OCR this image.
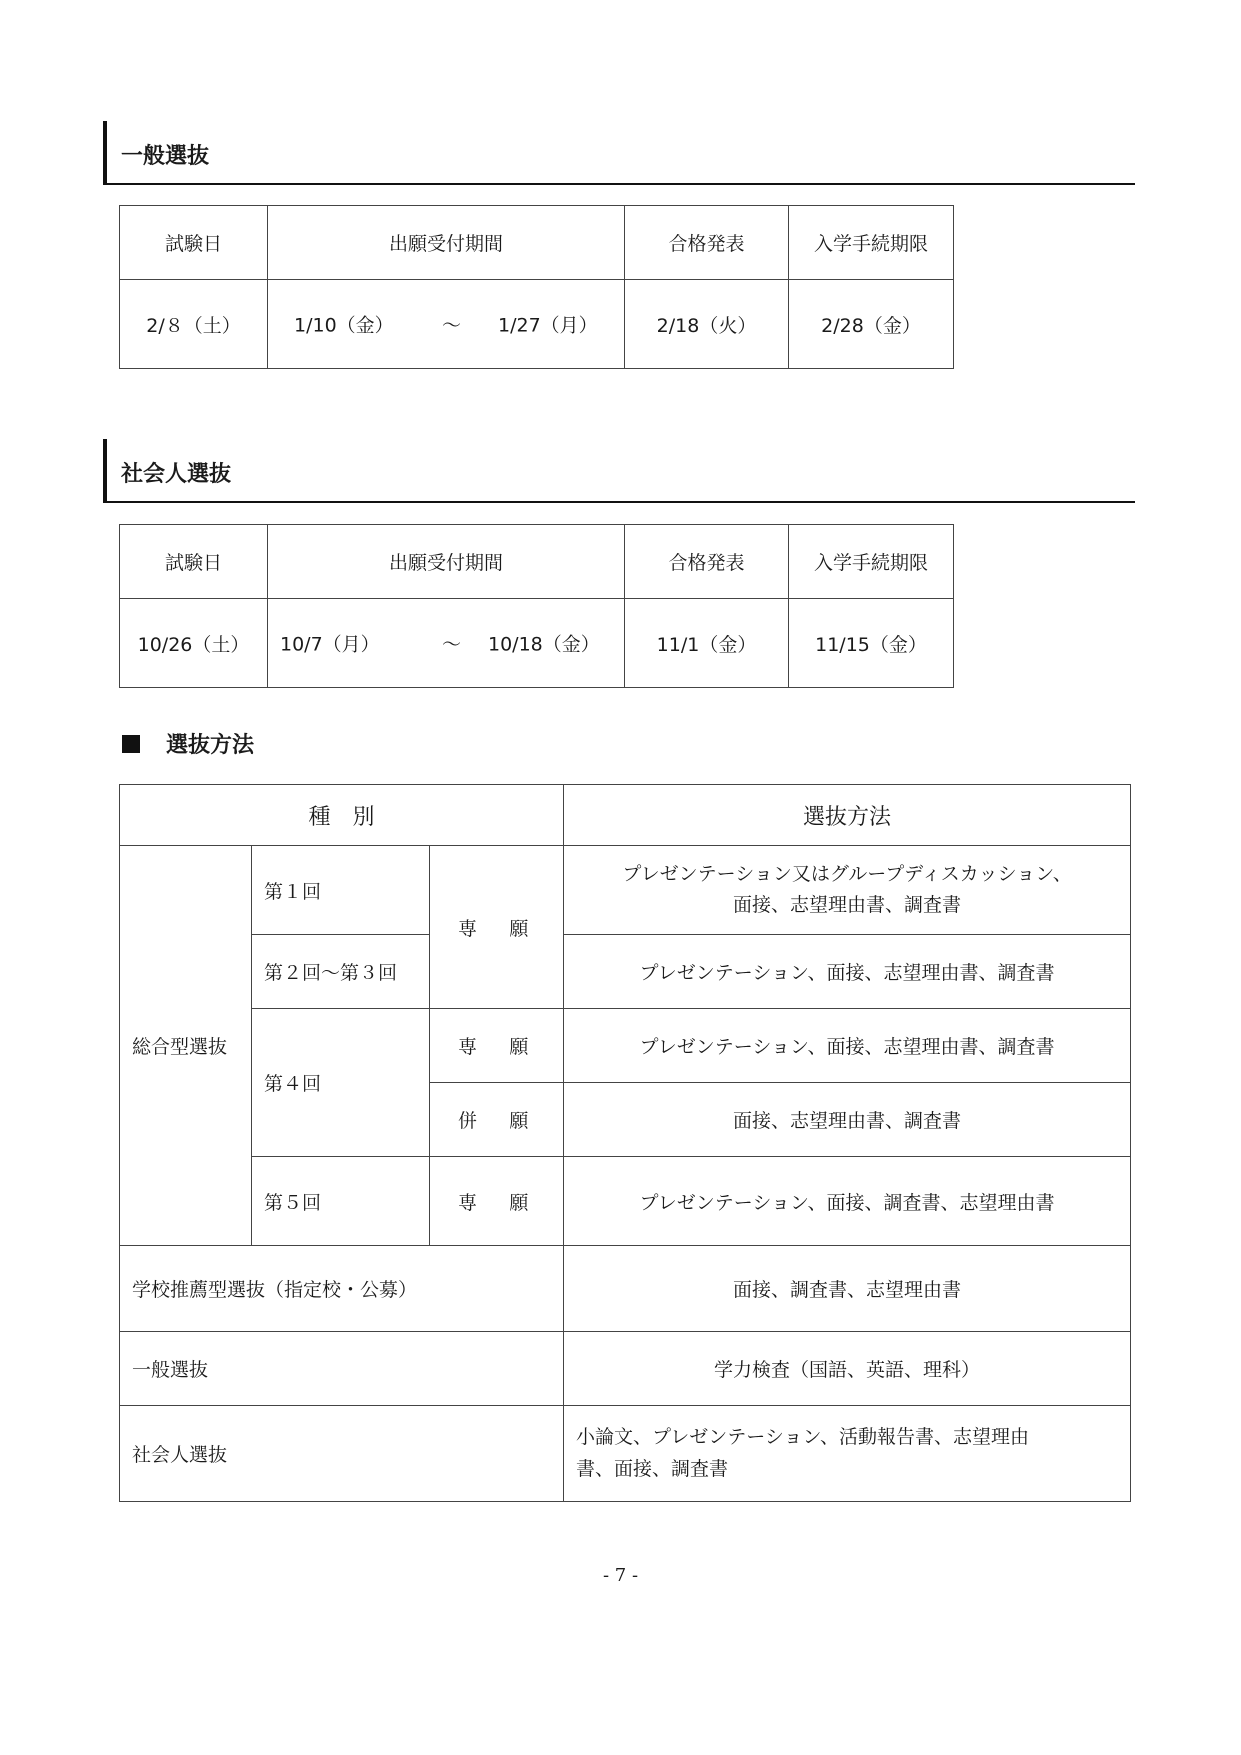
一般選抜
試験日	出願受付期間	合格発表	入学手続期限
2/８（土）	1/10（金） ～ 1/27（月）	2/18（火）	2/28（金）
社会人選抜
試験日	出願受付期間	合格発表	入学手続期限
10/26（土）	10/7（月） ～ 10/18（金）	11/1（金）	11/15（金）
選抜方法
種　別			選抜方法
総合型選抜	第１回	専　願	プレゼンテーション又はグループディスカッション、
面接、志望理由書、調査書
	第２回～第３回		プレゼンテーション、面接、志望理由書、調査書
	第４回	専　願	プレゼンテーション、面接、志望理由書、調査書
		併　願	面接、志望理由書、調査書
	第５回	専　願	プレゼンテーション、面接、調査書、志望理由書

学校推薦型選抜（指定校・公募）			面接、調査書、志望理由書
一般選抜			学力検査（国語、英語、理科）
社会人選抜			小論文、プレゼンテーション、活動報告書、志望理由
書、面接、調査書
- 7 -
